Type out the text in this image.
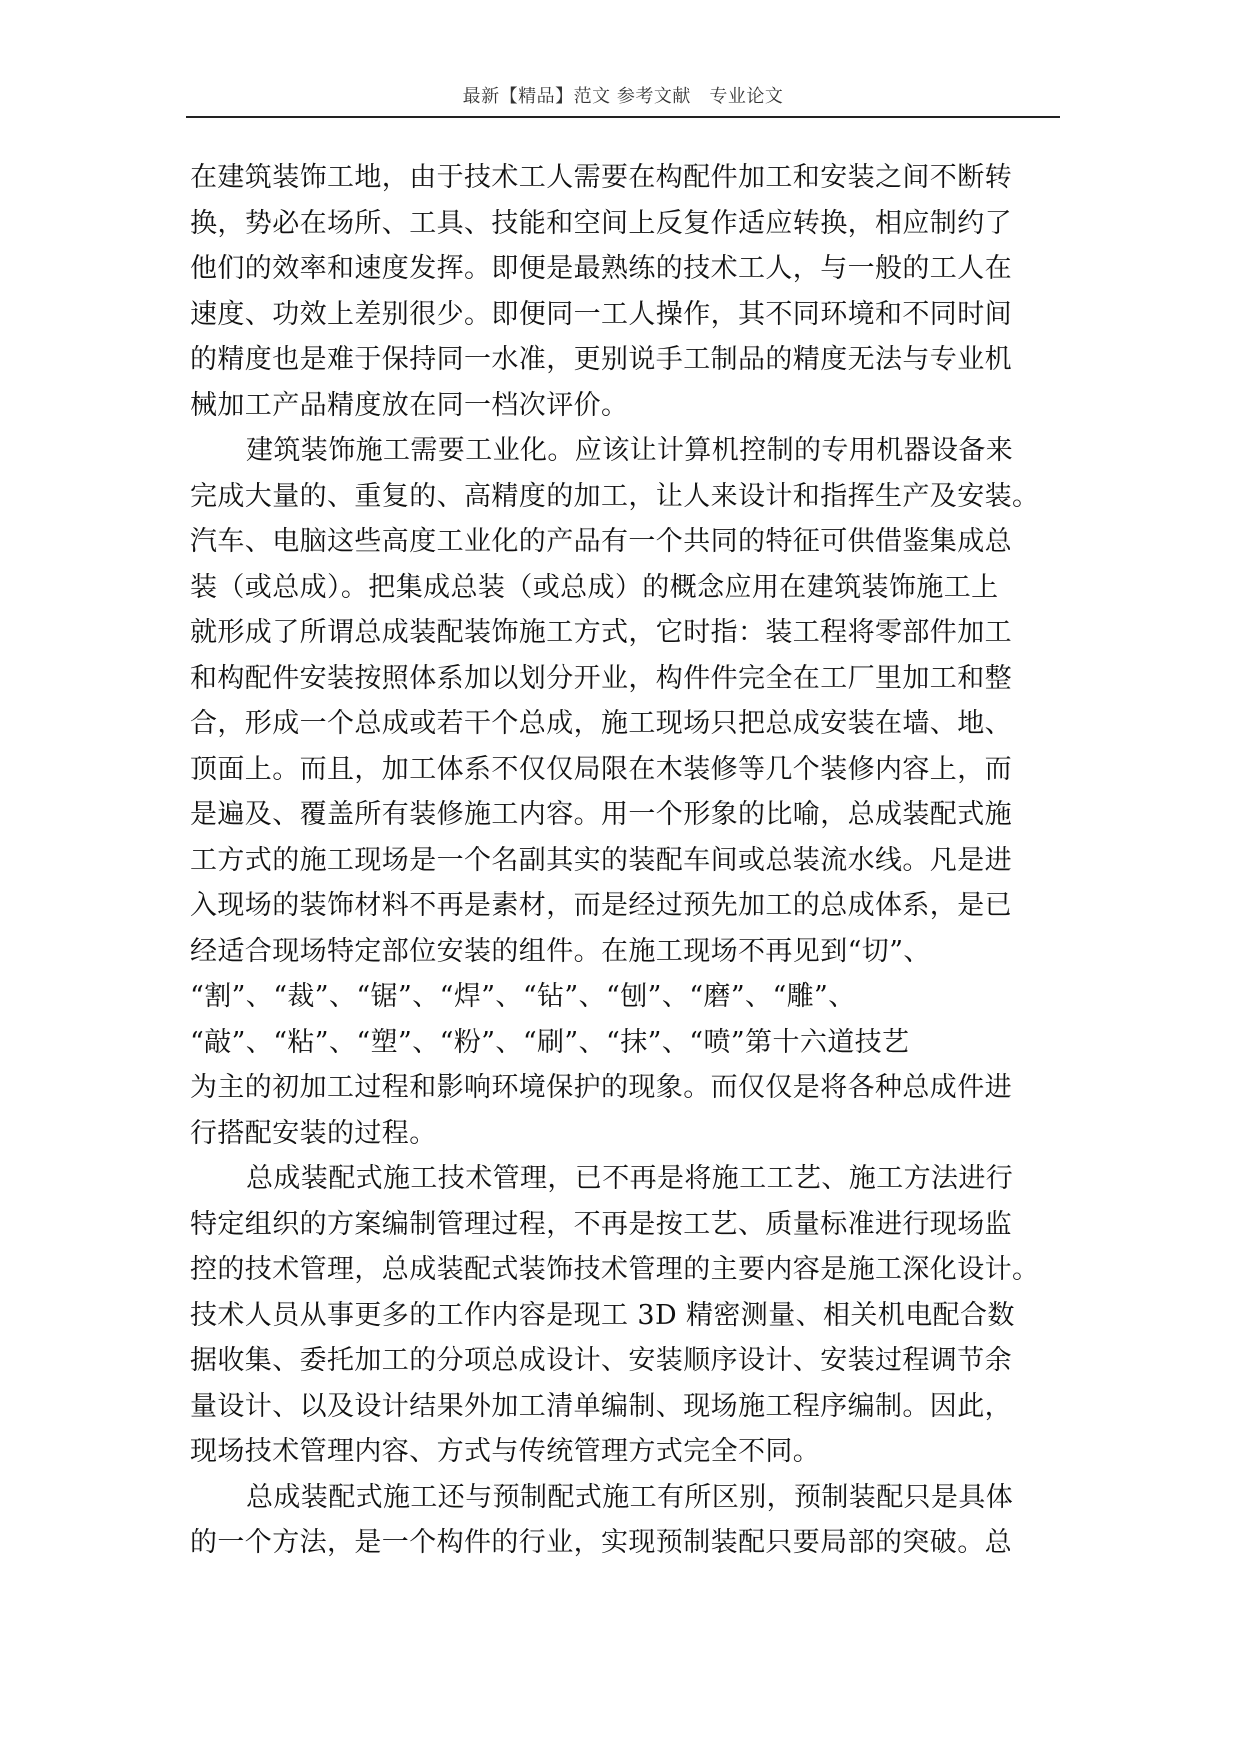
最新【精品】范文 参考文献　专业论文
在建筑装饰工地，由于技术工人需要在构配件加工和安装之间不断转
换，势必在场所、工具、技能和空间上反复作适应转换，相应制约了
他们的效率和速度发挥。即便是最熟练的技术工人，与一般的工人在
速度、功效上差别很少。即便同一工人操作，其不同环境和不同时间
的精度也是难于保持同一水准，更别说手工制品的精度无法与专业机
械加工产品精度放在同一档次评价。
建筑装饰施工需要工业化。应该让计算机控制的专用机器设备来
完成大量的、重复的、高精度的加工，让人来设计和指挥生产及安装。
汽车、电脑这些高度工业化的产品有一个共同的特征可供借鉴集成总
装（或总成）。把集成总装（或总成）的概念应用在建筑装饰施工上
就形成了所谓总成装配装饰施工方式，它时指：装工程将零部件加工
和构配件安装按照体系加以划分开业，构件件完全在工厂里加工和整
合，形成一个总成或若干个总成，施工现场只把总成安装在墙、地、
顶面上。而且，加工体系不仅仅局限在木装修等几个装修内容上，而
是遍及、覆盖所有装修施工内容。用一个形象的比喻，总成装配式施
工方式的施工现场是一个名副其实的装配车间或总装流水线。凡是进
入现场的装饰材料不再是素材，而是经过预先加工的总成体系，是已
经适合现场特定部位安装的组件。在施工现场不再见到“切”、
“割”、“裁”、“锯”、“焊”、“钻”、“刨”、“磨”、“雕”、
“敲”、“粘”、“塑”、“粉”、“刷”、“抹”、“喷”第十六道技艺
为主的初加工过程和影响环境保护的现象。而仅仅是将各种总成件进
行搭配安装的过程。
总成装配式施工技术管理，已不再是将施工工艺、施工方法进行
特定组织的方案编制管理过程，不再是按工艺、质量标准进行现场监
控的技术管理，总成装配式装饰技术管理的主要内容是施工深化设计。
技术人员从事更多的工作内容是现工 3D 精密测量、相关机电配合数
据收集、委托加工的分项总成设计、安装顺序设计、安装过程调节余
量设计、以及设计结果外加工清单编制、现场施工程序编制。因此，
现场技术管理内容、方式与传统管理方式完全不同。
总成装配式施工还与预制配式施工有所区别，预制装配只是具体
的一个方法，是一个构件的行业，实现预制装配只要局部的突破。总
